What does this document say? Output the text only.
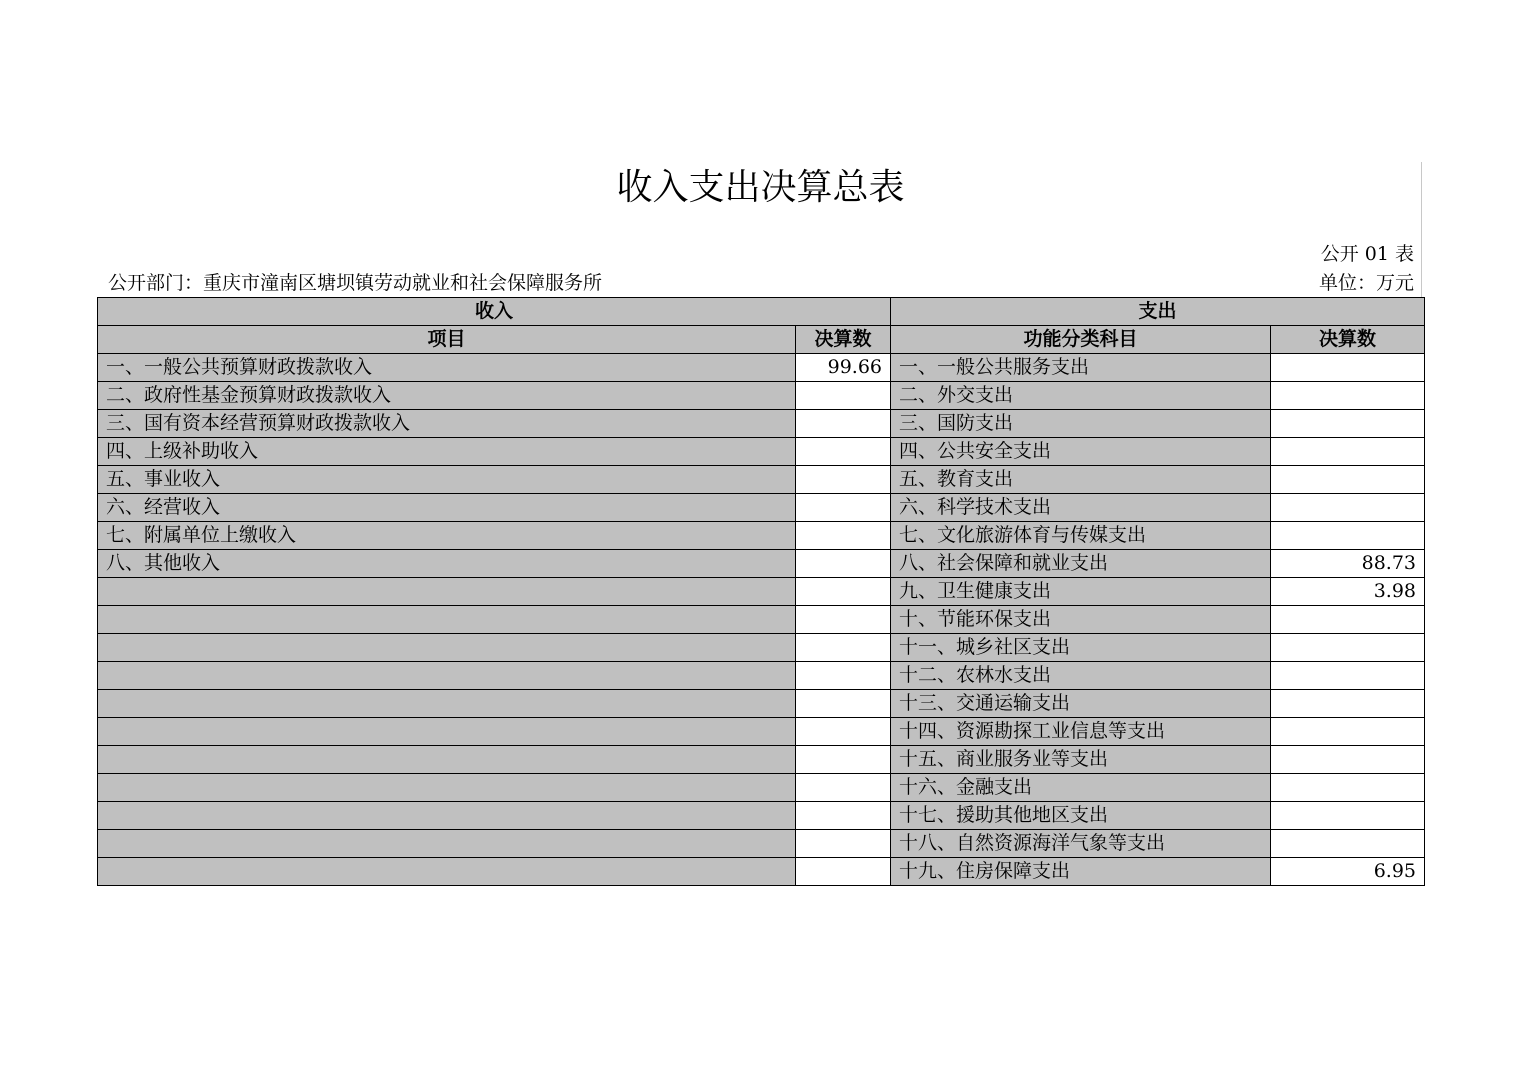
收入支出决算总表
公开 01 表
公开部门：重庆市潼南区塘坝镇劳动就业和社会保障服务所	单位：万元
收入		支出	
项目	决算数	功能分类科目	决算数
一、一般公共预算财政拨款收入	99.66	一、一般公共服务支出	
二、政府性基金预算财政拨款收入		二、外交支出	
三、国有资本经营预算财政拨款收入		三、国防支出	
四、上级补助收入		四、公共安全支出	
五、事业收入		五、教育支出	
六、经营收入		六、科学技术支出	
七、附属单位上缴收入		七、文化旅游体育与传媒支出	
八、其他收入		八、社会保障和就业支出	88.73
		九、卫生健康支出	3.98
		十、节能环保支出	
		十一、城乡社区支出	
		十二、农林水支出	
		十三、交通运输支出	
		十四、资源勘探工业信息等支出	
		十五、商业服务业等支出	
		十六、金融支出	
		十七、援助其他地区支出	
		十八、自然资源海洋气象等支出	
		十九、住房保障支出	6.95
